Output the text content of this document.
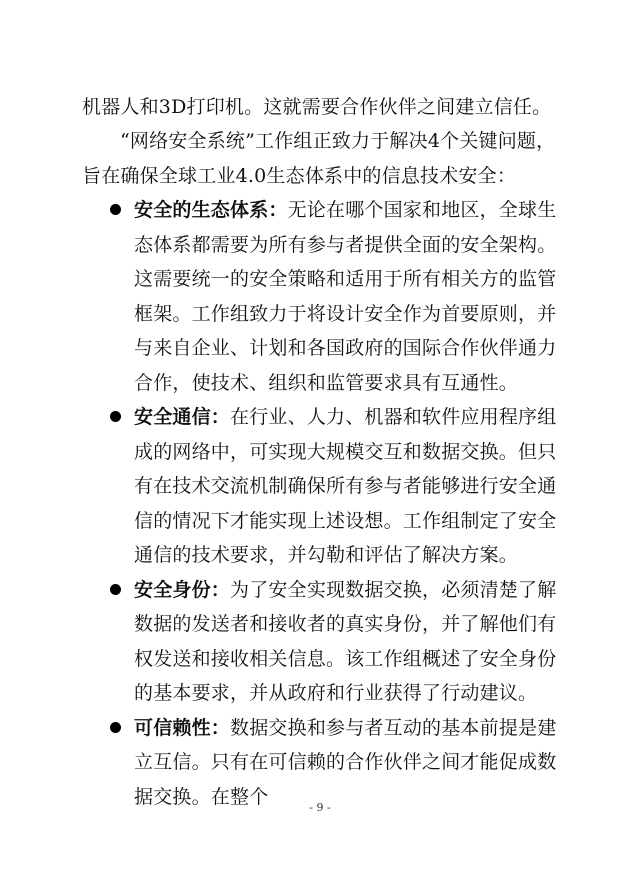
机器人和3D打印机。这就需要合作伙伴之间建立信任。

“网络安全系统”工作组正致力于解决4个关键问题，旨在确保全球工业4.0生态体系中的信息技术安全：

安全的生态体系：无论在哪个国家和地区，全球生态体系都需要为所有参与者提供全面的安全架构。这需要统一的安全策略和适用于所有相关方的监管框架。工作组致力于将设计安全作为首要原则，并与来自企业、计划和各国政府的国际合作伙伴通力合作，使技术、组织和监管要求具有互通性。
安全通信：在行业、人力、机器和软件应用程序组成的网络中，可实现大规模交互和数据交换。但只有在技术交流机制确保所有参与者能够进行安全通信的情况下才能实现上述设想。工作组制定了安全通信的技术要求，并勾勒和评估了解决方案。
安全身份：为了安全实现数据交换，必须清楚了解数据的发送者和接收者的真实身份，并了解他们有权发送和接收相关信息。该工作组概述了安全身份的基本要求，并从政府和行业获得了行动建议。
可信赖性：数据交换和参与者互动的基本前提是建立互信。只有在可信赖的合作伙伴之间才能促成数据交换。在整个	- 9 -
